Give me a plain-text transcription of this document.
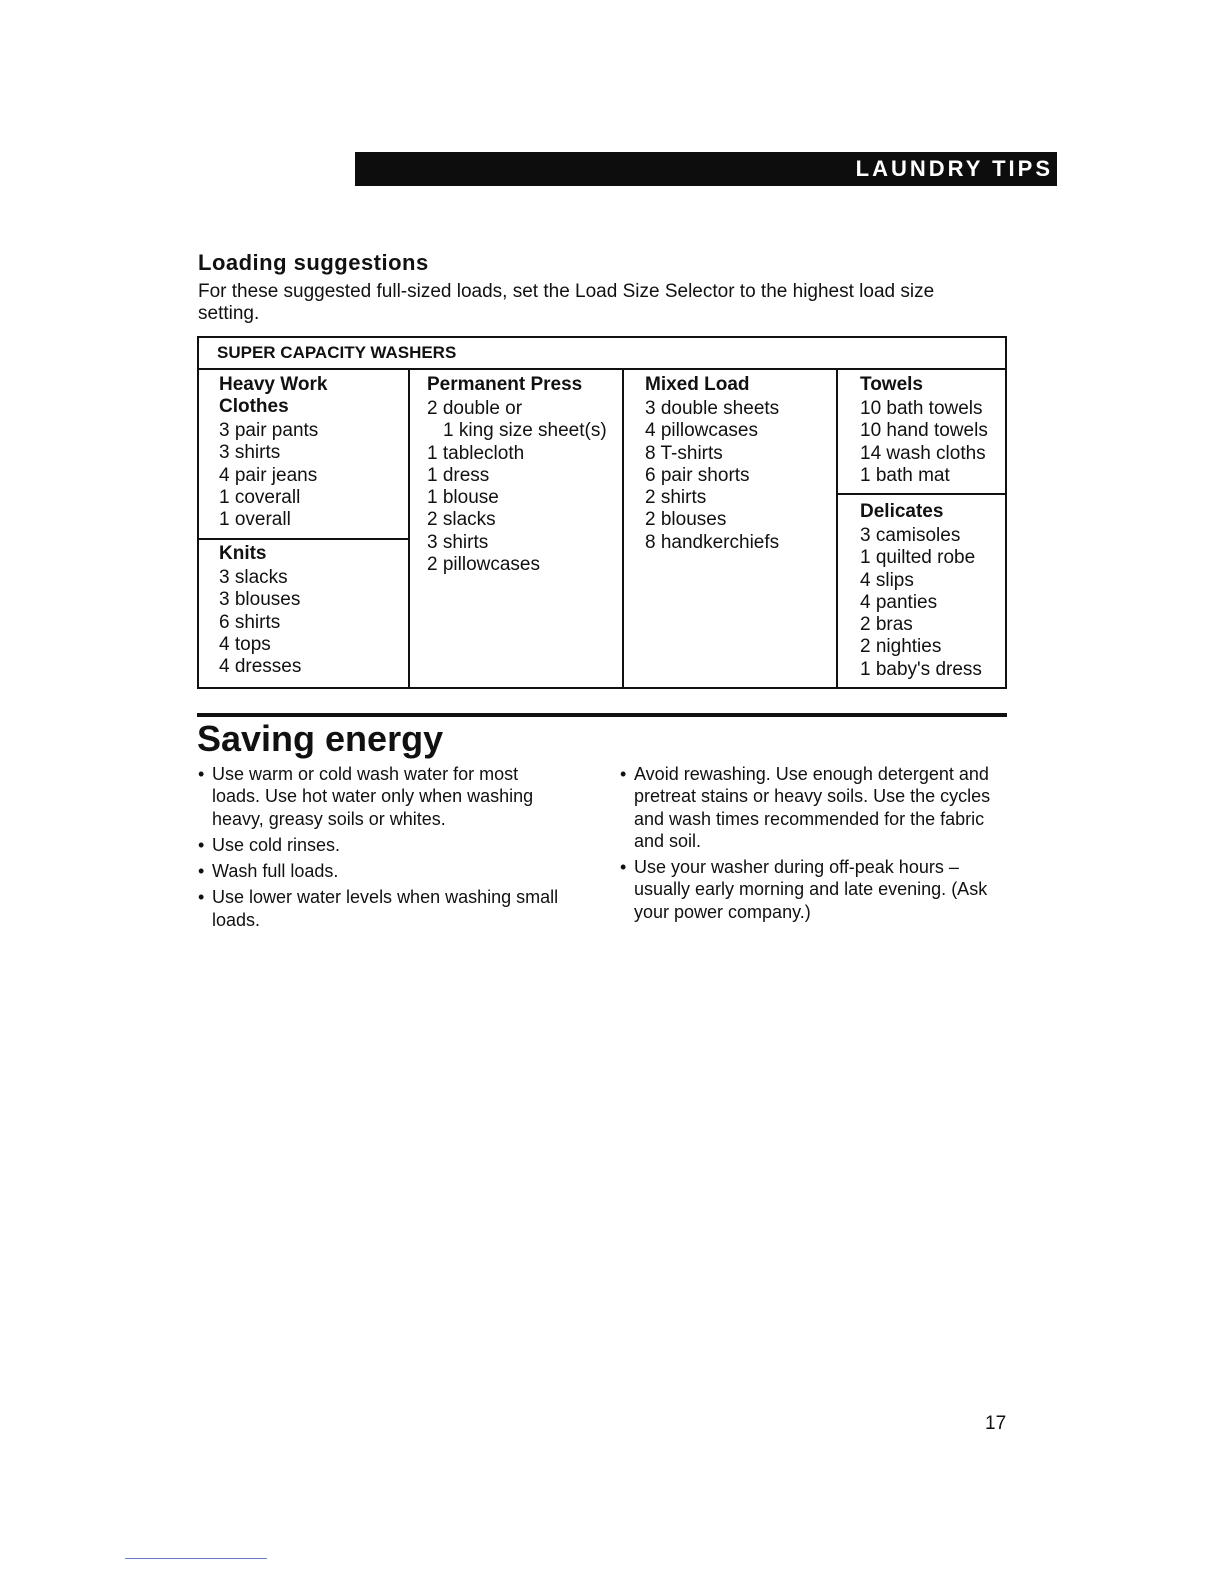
LAUNDRY TIPS
Loading suggestions

For these suggested full-sized loads, set the Load Size Selector to the highest load size setting.

SUPER CAPACITY WASHERS
Heavy Work Clothes
3 pair pants
3 shirts
4 pair jeans
1 coverall
1 overall
Knits
3 slacks
3 blouses
6 shirts
4 tops
4 dresses
Permanent Press
2 double or
1 king size sheet(s)
1 tablecloth
1 dress
1 blouse
2 slacks
3 shirts
2 pillowcases
Mixed Load
3 double sheets
4 pillowcases
8 T-shirts
6 pair shorts
2 shirts
2 blouses
8 handkerchiefs
Towels
10 bath towels
10 hand towels
14 wash cloths
1 bath mat
Delicates
3 camisoles
1 quilted robe
4 slips
4 panties
2 bras
2 nighties
1 baby's dress
Saving energy
• Use warm or cold wash water for most loads. Use hot water only when washing heavy, greasy soils or whites.
• Use cold rinses.
• Wash full loads.
• Use lower water levels when washing small loads.
• Avoid rewashing. Use enough detergent and pretreat stains or heavy soils. Use the cycles and wash times recommended for the fabric and soil.
• Use your washer during off-peak hours – usually early morning and late evening. (Ask your power company.)
17
